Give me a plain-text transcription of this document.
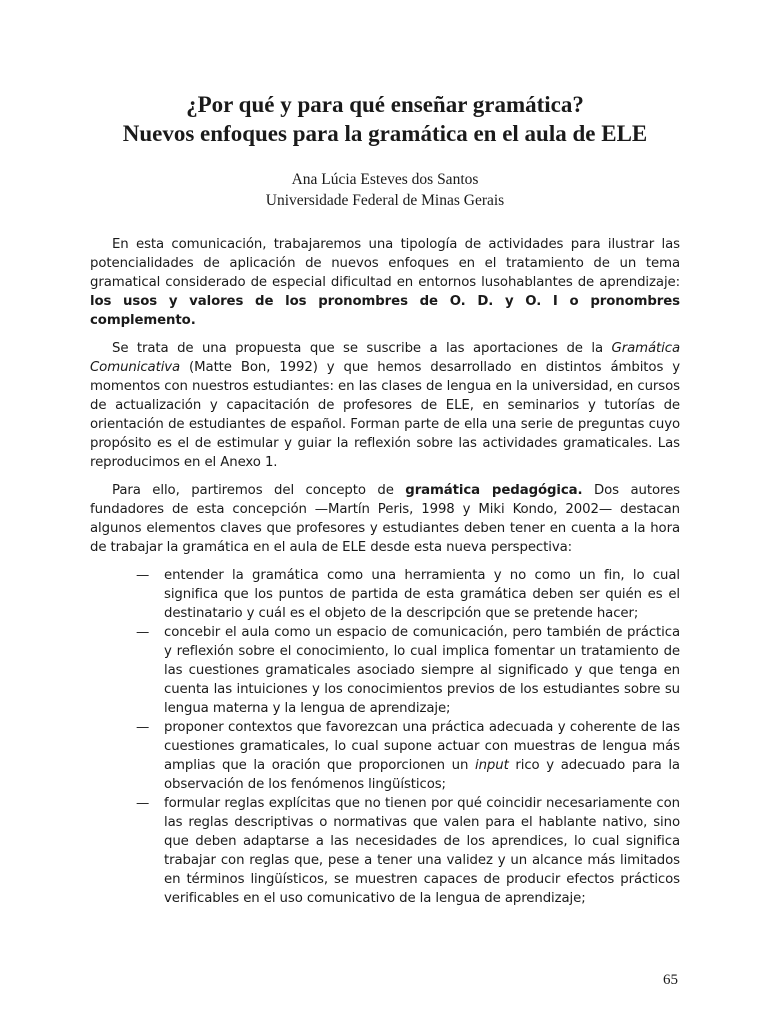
¿Por qué y para qué enseñar gramática?
Nuevos enfoques para la gramática en el aula de ELE
Ana Lúcia Esteves dos Santos
Universidade Federal de Minas Gerais

En esta comunicación, trabajaremos una tipología de actividades para ilustrar las potencialidades de aplicación de nuevos enfoques en el tratamiento de un tema gramatical considerado de especial dificultad en entornos lusohablantes de aprendizaje: los usos y valores de los pronombres de O. D. y O. I o pronombres complemento.

Se trata de una propuesta que se suscribe a las aportaciones de la Gramática Comunicativa (Matte Bon, 1992) y que hemos desarrollado en distintos ámbitos y momentos con nuestros estudiantes: en las clases de lengua en la universidad, en cursos de actualización y capacitación de profesores de ELE, en seminarios y tutorías de orientación de estudiantes de español. Forman parte de ella una serie de preguntas cuyo propósito es el de estimular y guiar la reflexión sobre las actividades gramaticales. Las reproducimos en el Anexo 1.

Para ello, partiremos del concepto de gramática pedagógica. Dos autores fundadores de esta concepción —Martín Peris, 1998 y Miki Kondo, 2002— destacan algunos elementos claves que profesores y estudiantes deben tener en cuenta a la hora de trabajar la gramática en el aula de ELE desde esta nueva perspectiva:

— entender la gramática como una herramienta y no como un fin, lo cual significa que los puntos de partida de esta gramática deben ser quién es el destinatario y cuál es el objeto de la descripción que se pretende hacer;
— concebir el aula como un espacio de comunicación, pero también de práctica y reflexión sobre el conocimiento, lo cual implica fomentar un tratamiento de las cuestiones gramaticales asociado siempre al significado y que tenga en cuenta las intuiciones y los conocimientos previos de los estudiantes sobre su lengua materna y la lengua de aprendizaje;
— proponer contextos que favorezcan una práctica adecuada y coherente de las cuestiones gramaticales, lo cual supone actuar con muestras de lengua más amplias que la oración que proporcionen un input rico y adecuado para la observación de los fenómenos lingüísticos;
— formular reglas explícitas que no tienen por qué coincidir necesariamente con las reglas descriptivas o normativas que valen para el hablante nativo, sino que deben adaptarse a las necesidades de los aprendices, lo cual significa trabajar con reglas que, pese a tener una validez y un alcance más limitados en términos lingüísticos, se muestren capaces de producir efectos prácticos verificables en el uso comunicativo de la lengua de aprendizaje;
65
